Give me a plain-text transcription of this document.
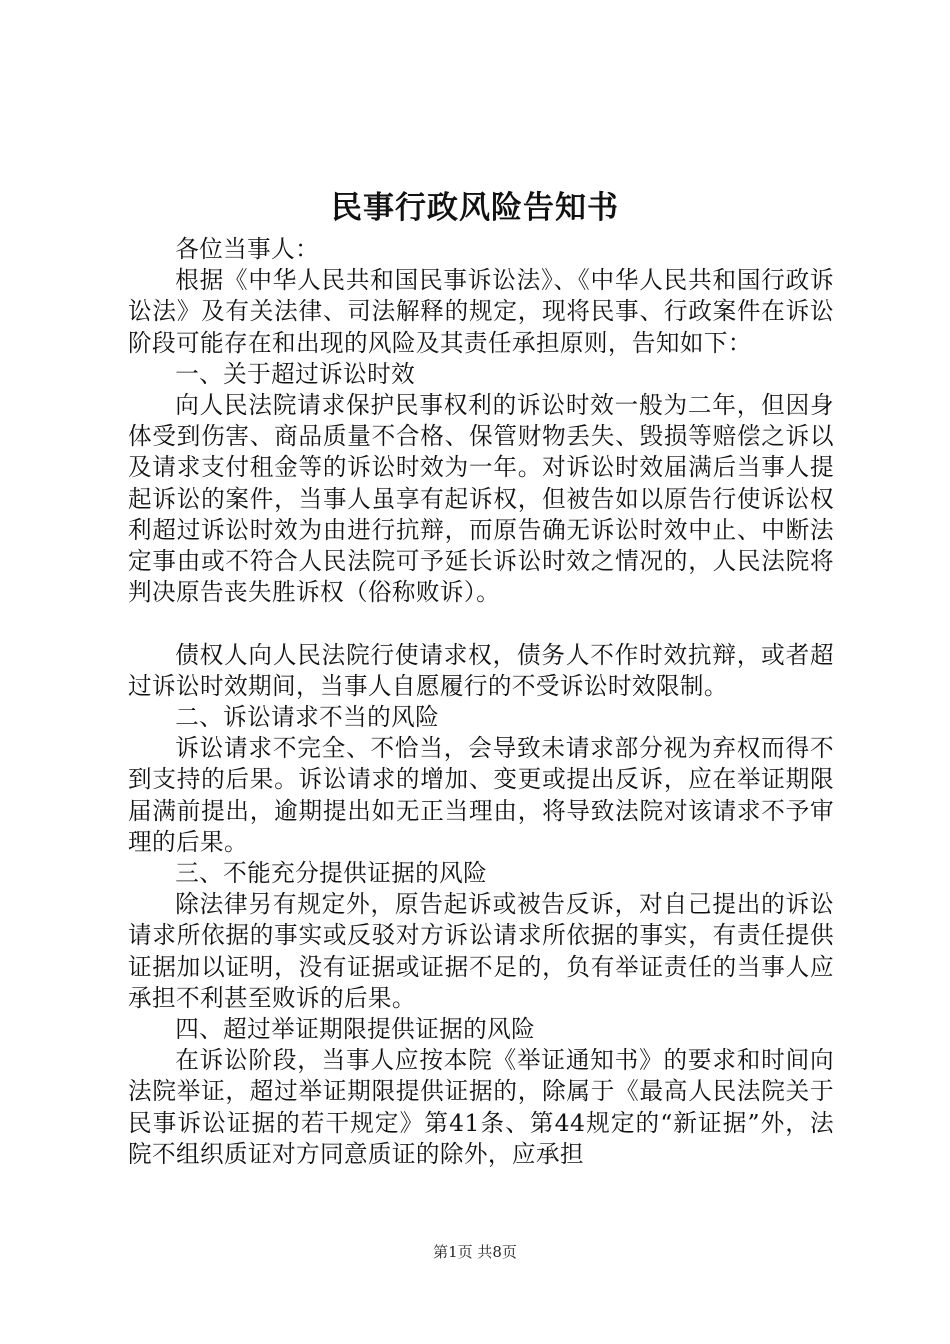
民事行政风险告知书

各位当事人：

根据《中华人民共和国民事诉讼法》、《中华人民共和国行政诉讼法》及有关法律、司法解释的规定，现将民事、行政案件在诉讼阶段可能存在和出现的风险及其责任承担原则，告知如下：

一、关于超过诉讼时效

向人民法院请求保护民事权利的诉讼时效一般为二年，但因身体受到伤害、商品质量不合格、保管财物丢失、毁损等赔偿之诉以及请求支付租金等的诉讼时效为一年。对诉讼时效届满后当事人提起诉讼的案件，当事人虽享有起诉权，但被告如以原告行使诉讼权利超过诉讼时效为由进行抗辩，而原告确无诉讼时效中止、中断法定事由或不符合人民法院可予延长诉讼时效之情况的，人民法院将判决原告丧失胜诉权（俗称败诉）。

债权人向人民法院行使请求权，债务人不作时效抗辩，或者超过诉讼时效期间，当事人自愿履行的不受诉讼时效限制。

二、诉讼请求不当的风险

诉讼请求不完全、不恰当，会导致未请求部分视为弃权而得不到支持的后果。诉讼请求的增加、变更或提出反诉，应在举证期限届满前提出，逾期提出如无正当理由，将导致法院对该请求不予审理的后果。

三、不能充分提供证据的风险

除法律另有规定外，原告起诉或被告反诉，对自己提出的诉讼请求所依据的事实或反驳对方诉讼请求所依据的事实，有责任提供证据加以证明，没有证据或证据不足的，负有举证责任的当事人应承担不利甚至败诉的后果。

四、超过举证期限提供证据的风险

在诉讼阶段，当事人应按本院《举证通知书》的要求和时间向法院举证，超过举证期限提供证据的，除属于《最高人民法院关于民事诉讼证据的若干规定》第41条、第44规定的“新证据”外，法院不组织质证对方同意质证的除外，应承担

第1页 共8页
